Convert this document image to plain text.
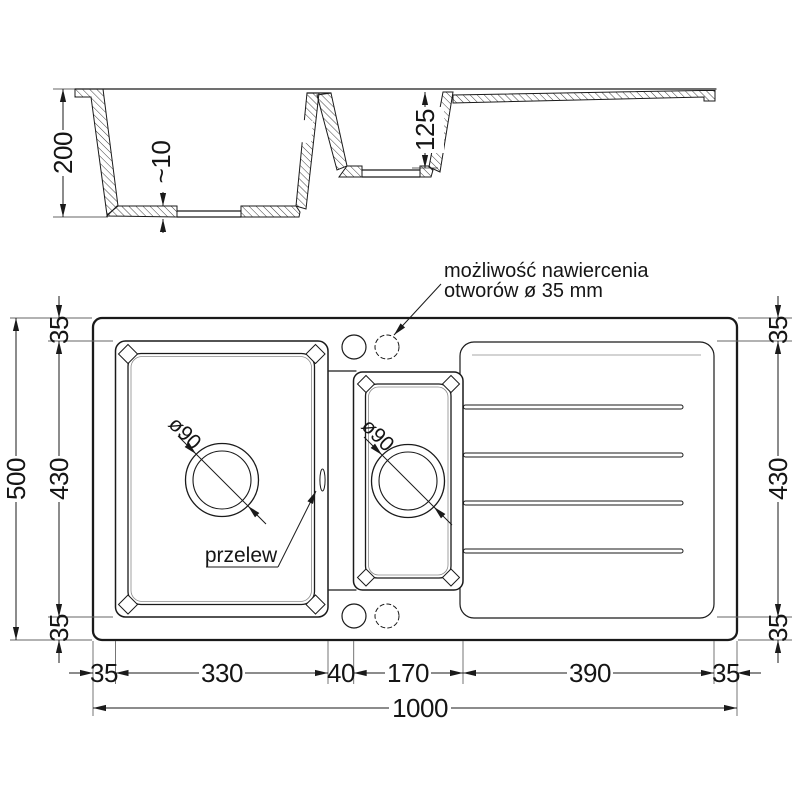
200	~10
125
ø90	ø90
możliwość nawiercenia
otworów ø 35 mm
przelew
500
35
430
35
35
430
35
35	330	40 170	390	35
1000
